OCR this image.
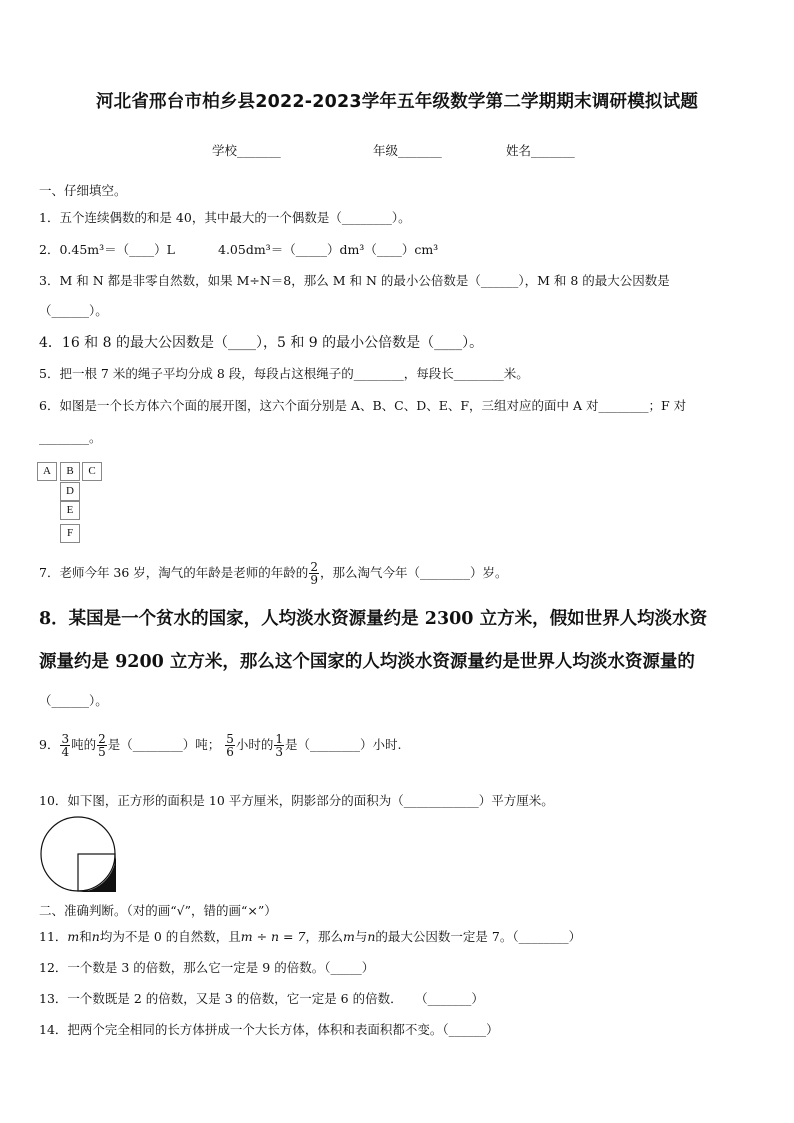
河北省邢台市柏乡县2022-2023学年五年级数学第二学期期末调研模拟试题
学校_______	年级_______	姓名_______
一、仔细填空。
1．五个连续偶数的和是 40，其中最大的一个偶数是（________）。
2．0.45m³＝（____）L	4.05dm³＝（_____）dm³（____）cm³
3．M 和 N 都是非零自然数，如果 M÷N＝8，那么 M 和 N 的最小公倍数是（______），M 和 8 的最大公因数是
（______）。
4．16 和 8 的最大公因数是（____），5 和 9 的最小公倍数是（____）。
5．把一根 7 米的绳子平均分成 8 段，每段占这根绳子的________，每段长________米。
6．如图是一个长方体六个面的展开图，这六个面分别是 A、B、C、D、E、F，三组对应的面中 A 对________；F 对
________。
A	B	C
D
E
F
7．老师今年 36 岁，淘气的年龄是老师的年龄的 $\frac{2}{9}$ ，那么淘气今年（________）岁。
8．某国是一个贫水的国家，人均淡水资源量约是 2300 立方米，假如世界人均淡水资
源量约是 9200 立方米，那么这个国家的人均淡水资源量约是世界人均淡水资源量的
（______）。
9． $\frac{3}{4}$ 吨的 $\frac{2}{5}$ 是（________）吨； $\frac{5}{6}$ 小时的 $\frac{1}{3}$ 是（________）小时.
10．如下图，正方形的面积是 10 平方厘米，阴影部分的面积为（____________）平方厘米。
二、准确判断。（对的画“√”，错的画“×”）
11．m和n均为不是 0 的自然数，且m ÷ n = 7，那么m与n的最大公因数一定是 7。（________）
12．一个数是 3 的倍数，那么它一定是 9 的倍数。（_____）
13．一个数既是 2 的倍数，又是 3 的倍数，它一定是 6 的倍数．　　（_______）
14．把两个完全相同的长方体拼成一个大长方体，体积和表面积都不变。（______）
